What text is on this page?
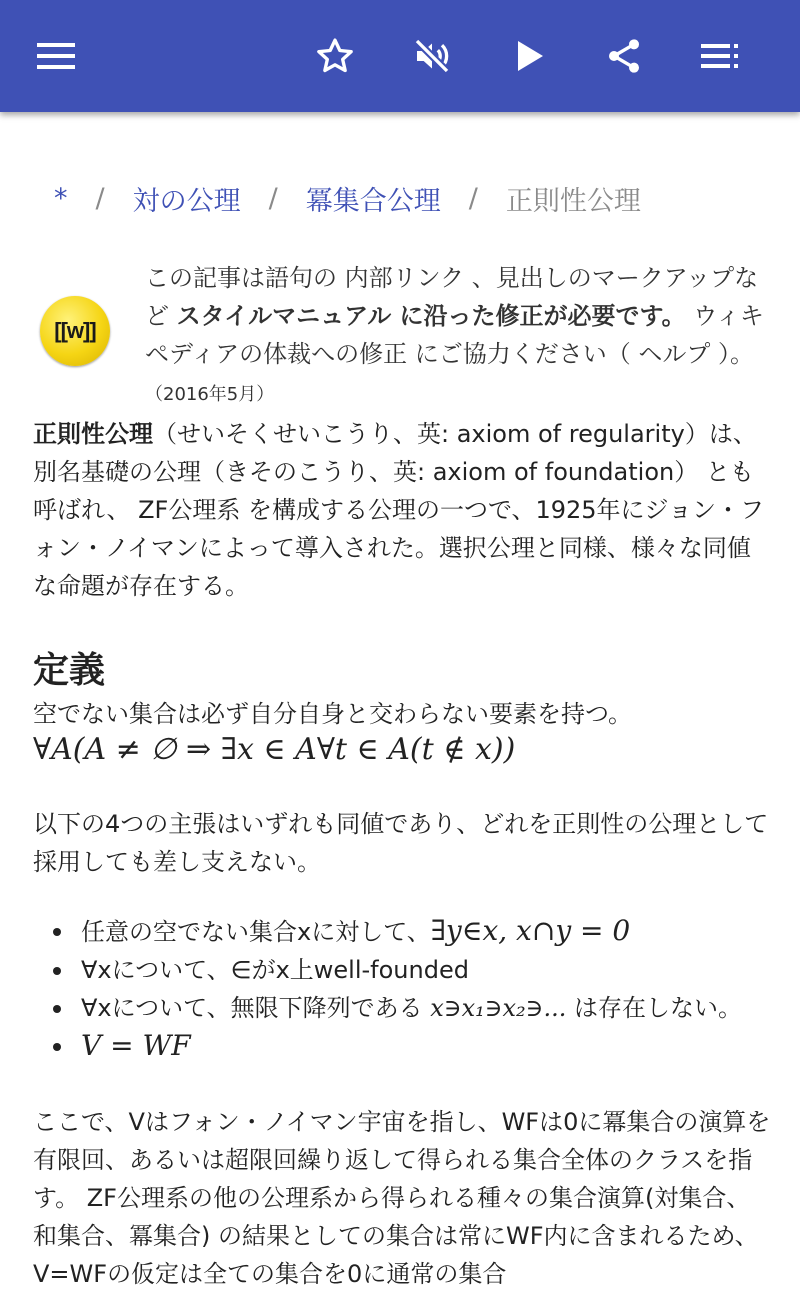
* / 対の公理 / 冪集合公理 / 正則性公理
[[w]]
この記事は語句の 内部リンク 、見出しのマークアップなど スタイルマニュアル に沿った修正が必要です。 ウィキペディアの体裁への修正 にご協力ください（ ヘルプ ）。（2016年5月）
正則性公理（せいそくせいこうり、英: axiom of regularity）は、別名基礎の公理（きそのこうり、英: axiom of foundation） とも呼ばれ、 ZF公理系 を構成する公理の一つで、1925年にジョン・フォン・ノイマンによって導入された。選択公理と同様、様々な同値な命題が存在する。
定義
空でない集合は必ず自分自身と交わらない要素を持つ。
∀A(A ≠ ∅ ⇒ ∃x ∈ A∀t ∈ A(t ∉ x))
以下の4つの主張はいずれも同値であり、どれを正則性の公理として採用しても差し支えない。
任意の空でない集合xに対して、∃y∈x, x∩y = 0
∀xについて、∈がx上well-founded
∀xについて、無限下降列である x∋x₁∋x₂∋... は存在しない。
V = WF
ここで、Vはフォン・ノイマン宇宙を指し、WFは0に冪集合の演算を有限回、あるいは超限回繰り返して得られる集合全体のクラスを指す。 ZF公理系の他の公理系から得られる種々の集合演算(対集合、和集合、冪集合) の結果としての集合は常にWF内に含まれるため、V=WFの仮定は全ての集合を0に通常の集合
